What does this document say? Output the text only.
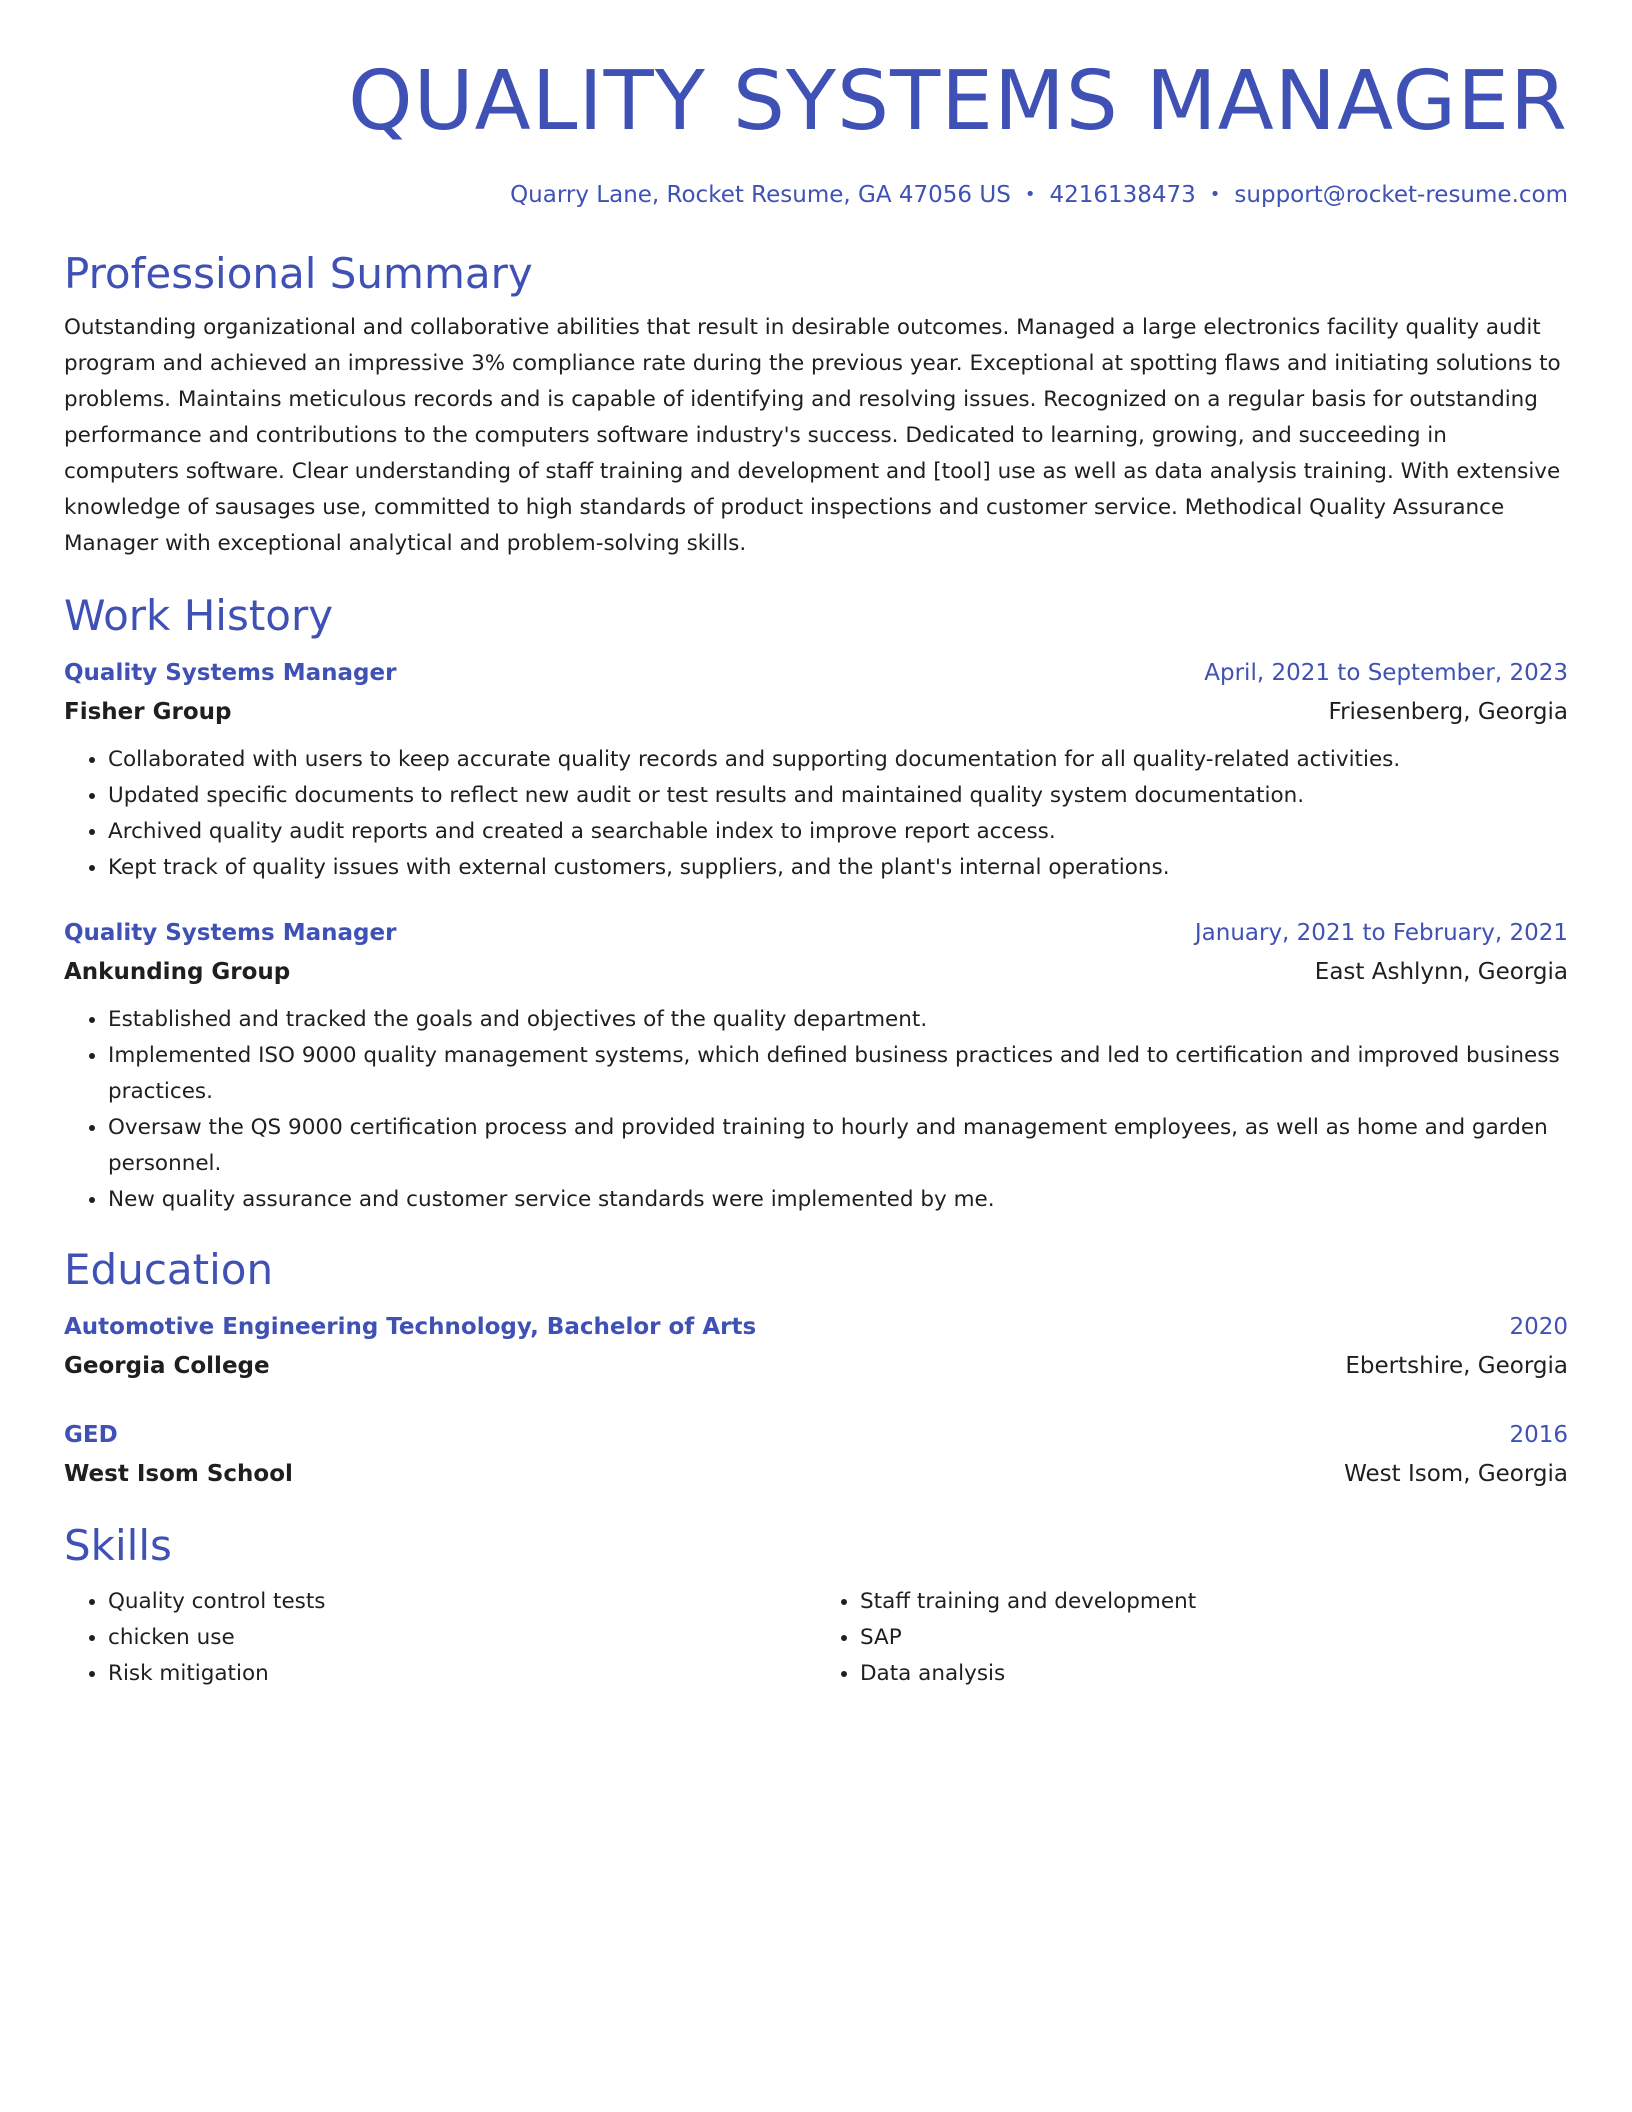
QUALITY SYSTEMS MANAGER
Quarry Lane, Rocket Resume, GA 47056 US • 4216138473 • support@rocket-resume.com
Professional Summary

Outstanding organizational and collaborative abilities that result in desirable outcomes. Managed a large electronics facility quality audit program and achieved an impressive 3% compliance rate during the previous year. Exceptional at spotting flaws and initiating solutions to problems. Maintains meticulous records and is capable of identifying and resolving issues. Recognized on a regular basis for outstanding performance and contributions to the computers software industry's success. Dedicated to learning, growing, and succeeding in computers software. Clear understanding of staff training and development and [tool] use as well as data analysis training. With extensive knowledge of sausages use, committed to high standards of product inspections and customer service. Methodical Quality Assurance Manager with exceptional analytical and problem-solving skills.

Work History
Quality Systems Manager	April, 2021 to September, 2023
Fisher Group	Friesenberg, Georgia
• Collaborated with users to keep accurate quality records and supporting documentation for all quality-related activities.
• Updated specific documents to reflect new audit or test results and maintained quality system documentation.
• Archived quality audit reports and created a searchable index to improve report access.
• Kept track of quality issues with external customers, suppliers, and the plant's internal operations.
Quality Systems Manager	January, 2021 to February, 2021
Ankunding Group	East Ashlynn, Georgia
• Established and tracked the goals and objectives of the quality department.
• Implemented ISO 9000 quality management systems, which defined business practices and led to certification and improved business practices.
• Oversaw the QS 9000 certification process and provided training to hourly and management employees, as well as home and garden personnel.
• New quality assurance and customer service standards were implemented by me.
Education
Automotive Engineering Technology, Bachelor of Arts	2020
Georgia College	Ebertshire, Georgia
GED	2016
West Isom School	West Isom, Georgia
Skills
• Quality control tests
• chicken use
• Risk mitigation
• Staff training and development
• SAP
• Data analysis
